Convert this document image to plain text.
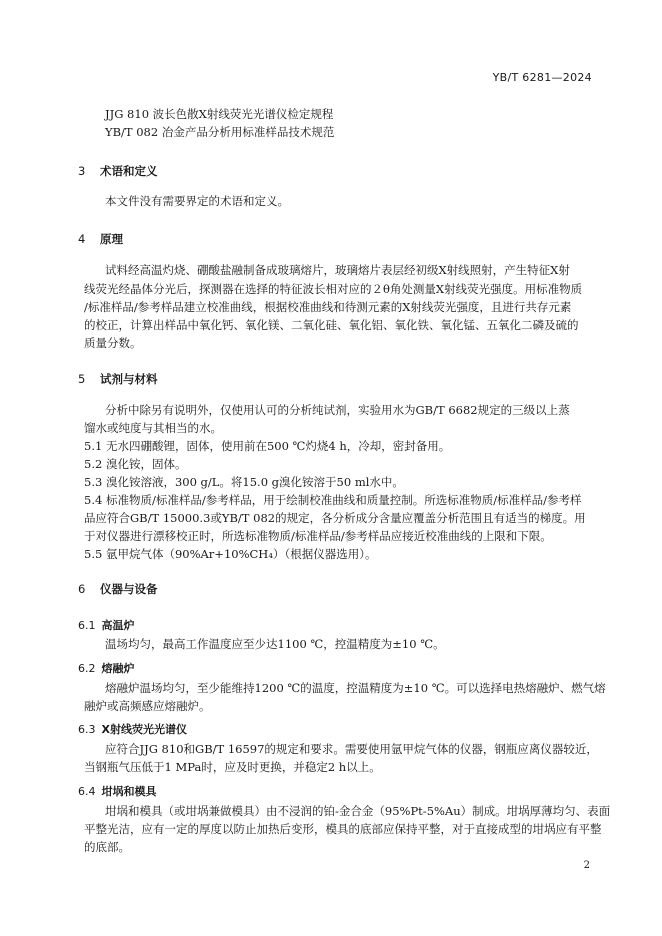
YB/T 6281—2024
JJG 810 波长色散X射线荧光光谱仪检定规程
YB/T 082 冶金产品分析用标准样品技术规范
3 术语和定义
本文件没有需要界定的术语和定义。
4 原理
试料经高温灼烧、硼酸盐融制备成玻璃熔片，玻璃熔片表层经初级X射线照射，产生特征X射
线荧光经晶体分光后，探测器在选择的特征波长相对应的２θ角处测量X射线荧光强度。用标准物质
/标准样品/参考样品建立校准曲线，根据校准曲线和待测元素的X射线荧光强度，且进行共存元素
的校正，计算出样品中氧化钙、氧化镁、二氧化硅、氧化铝、氧化铁、氧化锰、五氧化二磷及硫的
质量分数。
5 试剂与材料
分析中除另有说明外，仅使用认可的分析纯试剂，实验用水为GB/T 6682规定的三级以上蒸
馏水或纯度与其相当的水。
5.1 无水四硼酸锂，固体，使用前在500 ℃灼烧4 h，冷却，密封备用。
5.2 溴化铵，固体。
5.3 溴化铵溶液，300 g/L。将15.0 g溴化铵溶于50 ml水中。
5.4 标准物质/标准样品/参考样品，用于绘制校准曲线和质量控制。所选标准物质/标准样品/参考样
品应符合GB/T 15000.3或YB/T 082的规定，各分析成分含量应覆盖分析范围且有适当的梯度。用
于对仪器进行漂移校正时，所选标准物质/标准样品/参考样品应接近校准曲线的上限和下限。
5.5 氩甲烷气体（90%Ar+10%CH₄）（根据仪器选用）。
6 仪器与设备
6.1 高温炉
温场均匀，最高工作温度应至少达1100 ℃，控温精度为±10 ℃。
6.2 熔融炉
熔融炉温场均匀，至少能维持1200 ℃的温度，控温精度为±10 ℃。可以选择电热熔融炉、燃气熔
融炉或高频感应熔融炉。
6.3 X射线荧光光谱仪
应符合JJG 810和GB/T 16597的规定和要求。需要使用氩甲烷气体的仪器，钢瓶应离仪器较近，
当钢瓶气压低于1 MPa时，应及时更换，并稳定2 h以上。
6.4 坩埚和模具
坩埚和模具（或坩埚兼做模具）由不浸润的铂-金合金（95%Pt-5%Au）制成。坩埚厚薄均匀、表面
平整光洁，应有一定的厚度以防止加热后变形，模具的底部应保持平整，对于直接成型的坩埚应有平整
的底部。
2
